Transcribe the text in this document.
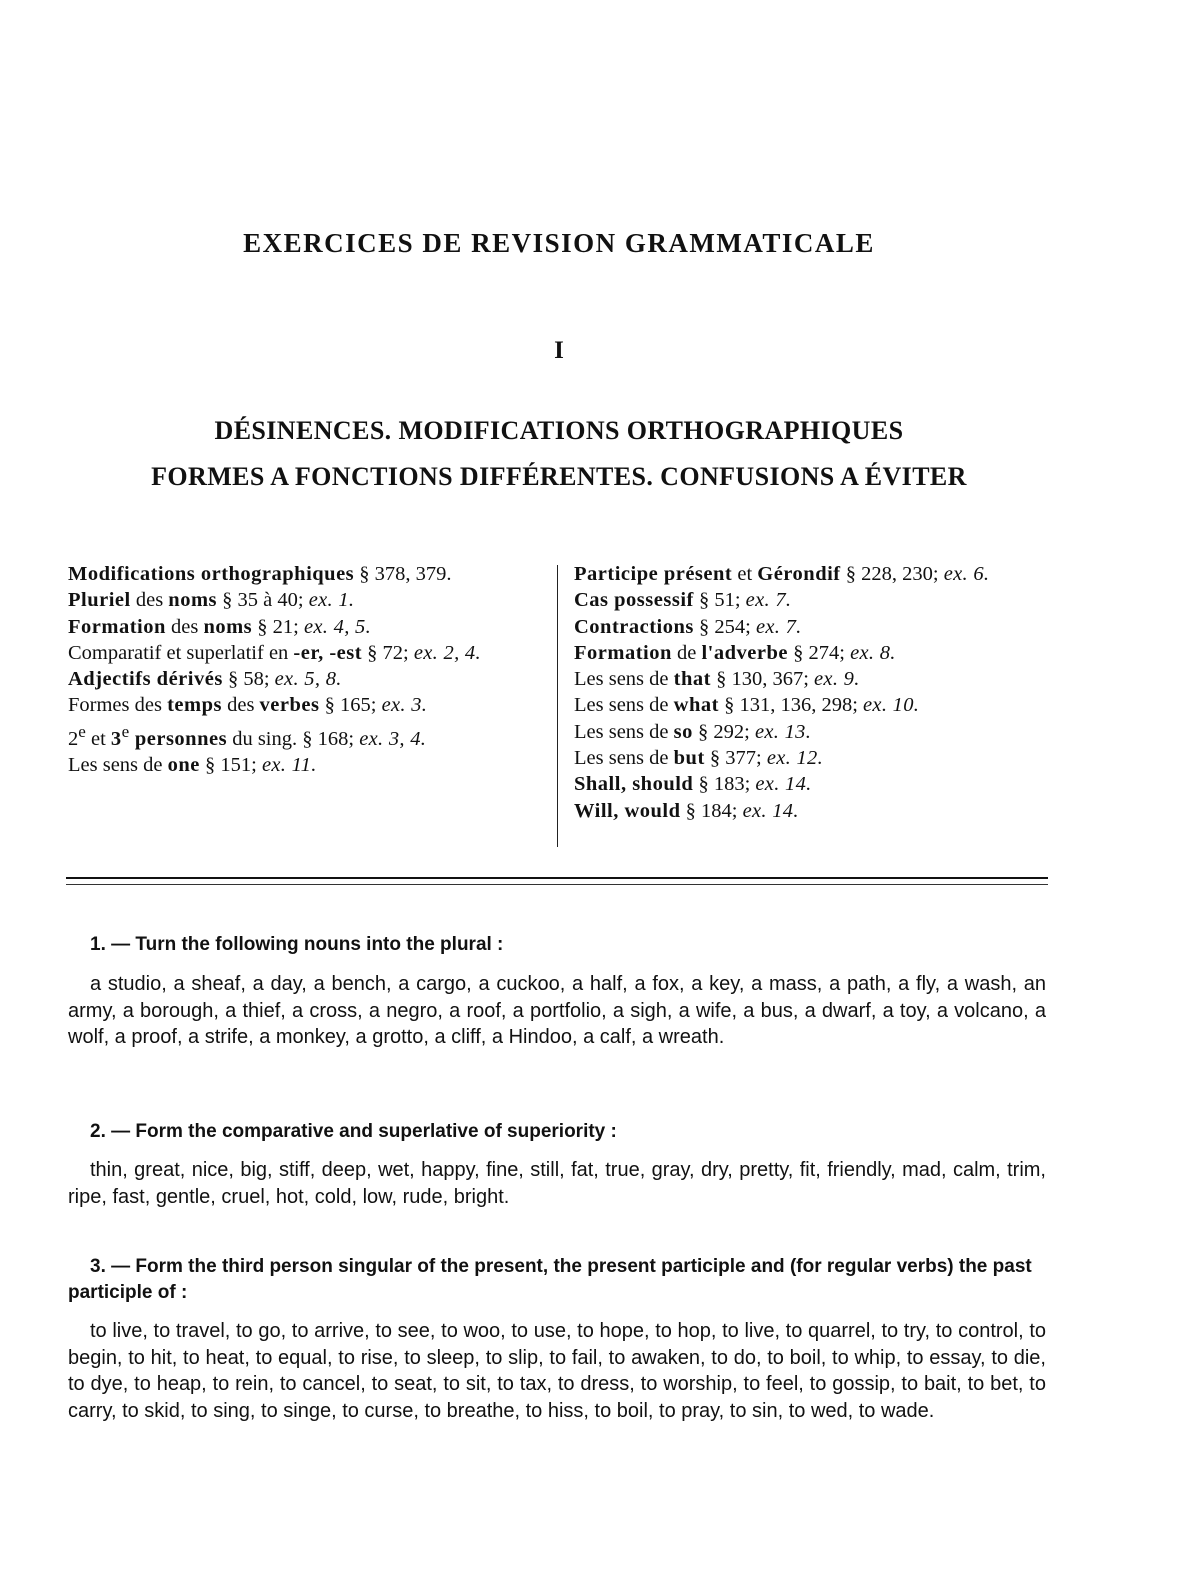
EXERCICES DE REVISION GRAMMATICALE
I
DÉSINENCES. MODIFICATIONS ORTHOGRAPHIQUES
FORMES A FONCTIONS DIFFÉRENTES. CONFUSIONS A ÉVITER
Modifications orthographiques § 378, 379.
Pluriel des noms § 35 à 40; ex. 1.
Formation des noms § 21; ex. 4, 5.
Comparatif et superlatif en -er, -est § 72; ex. 2, 4.
Adjectifs dérivés § 58; ex. 5, 8.
Formes des temps des verbes § 165; ex. 3.
2e et 3e personnes du sing. § 168; ex. 3, 4.
Les sens de one § 151; ex. 11.
Participe présent et Gérondif § 228, 230; ex. 6.
Cas possessif § 51; ex. 7.
Contractions § 254; ex. 7.
Formation de l'adverbe § 274; ex. 8.
Les sens de that § 130, 367; ex. 9.
Les sens de what § 131, 136, 298; ex. 10.
Les sens de so § 292; ex. 13.
Les sens de but § 377; ex. 12.
Shall, should § 183; ex. 14.
Will, would § 184; ex. 14.

1. — Turn the following nouns into the plural :

a studio, a sheaf, a day, a bench, a cargo, a cuckoo, a half, a fox, a key, a mass, a path, a fly, a wash, an army, a borough, a thief, a cross, a negro, a roof, a portfolio, a sigh, a wife, a bus, a dwarf, a toy, a volcano, a wolf, a proof, a strife, a monkey, a grotto, a cliff, a Hindoo, a calf, a wreath.

2. — Form the comparative and superlative of superiority :

thin, great, nice, big, stiff, deep, wet, happy, fine, still, fat, true, gray, dry, pretty, fit, friendly, mad, calm, trim, ripe, fast, gentle, cruel, hot, cold, low, rude, bright.

3. — Form the third person singular of the present, the present participle and (for regular verbs) the past participle of :

to live, to travel, to go, to arrive, to see, to woo, to use, to hope, to hop, to live, to quarrel, to try, to control, to begin, to hit, to heat, to equal, to rise, to sleep, to slip, to fail, to awaken, to do, to boil, to whip, to essay, to die, to dye, to heap, to rein, to cancel, to seat, to sit, to tax, to dress, to worship, to feel, to gossip, to bait, to bet, to carry, to skid, to sing, to singe, to curse, to breathe, to hiss, to boil, to pray, to sin, to wed, to wade.
